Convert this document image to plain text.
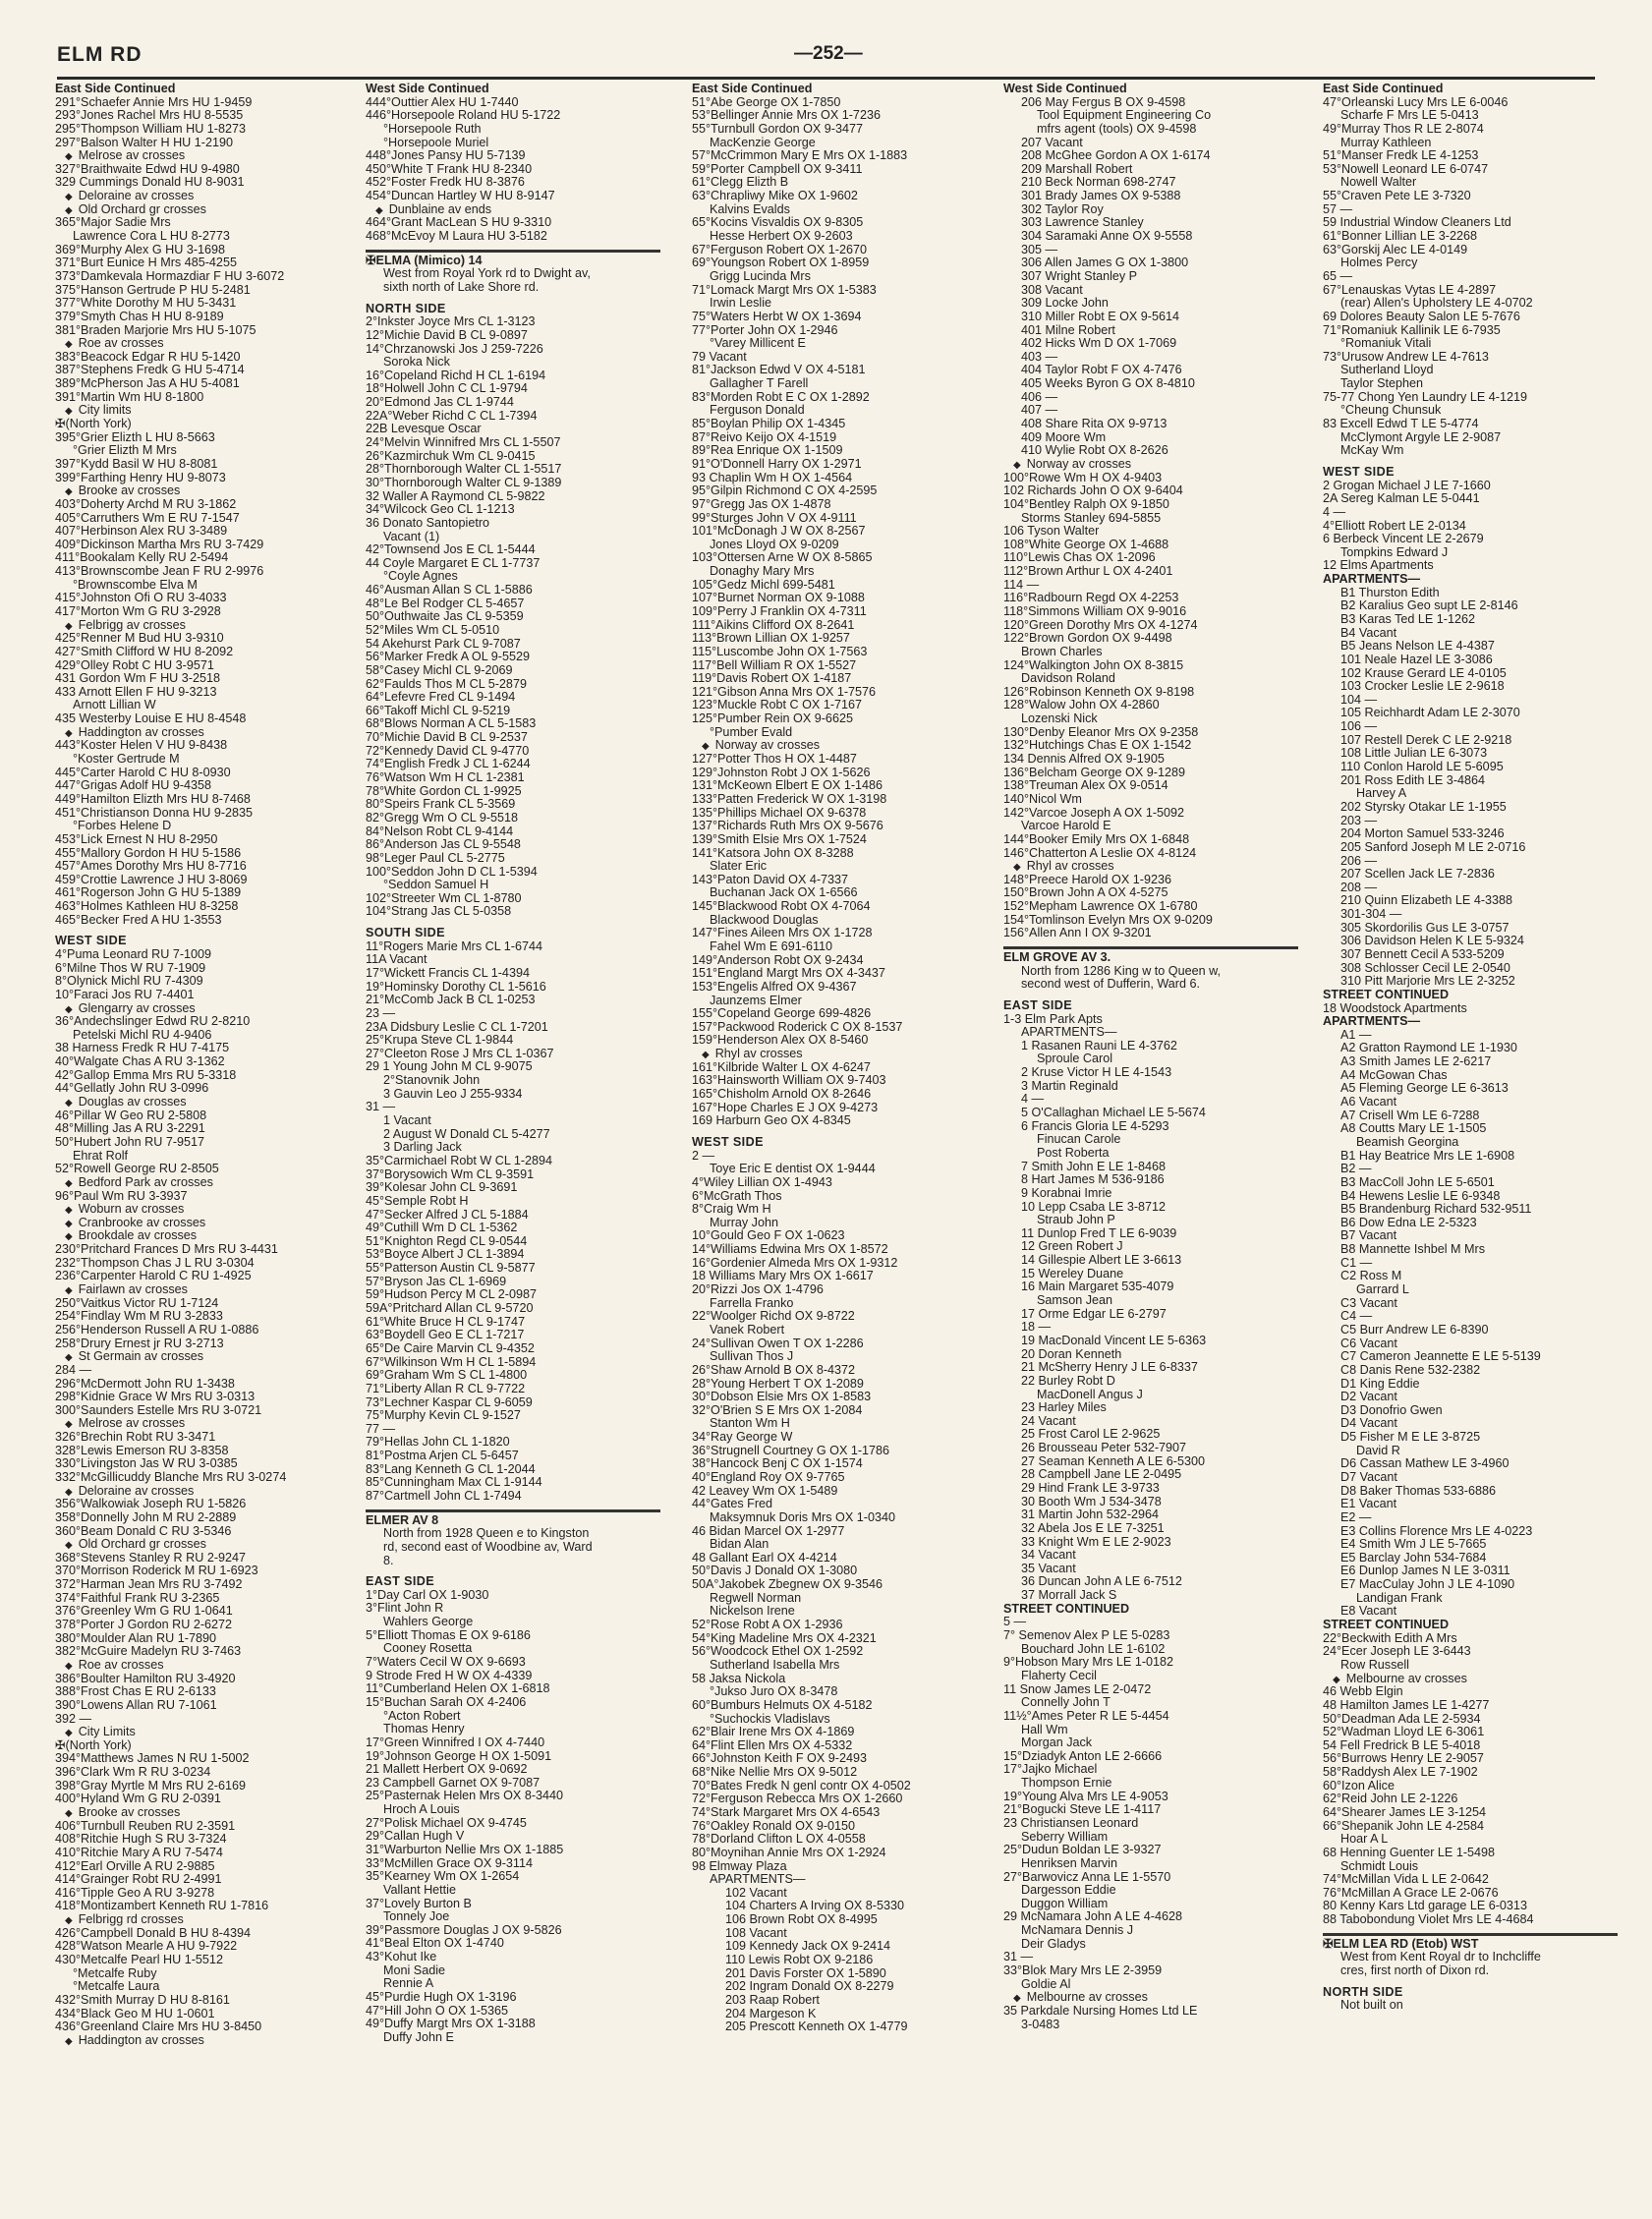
ELM RD	—252—
East Side Continued
291°Schaefer Annie Mrs HU 1-9459
293°Jones Rachel Mrs HU 8-5535
295°Thompson William HU 1-8273
297°Balson Walter H HU 1-2190
◆ Melrose av crosses
327°Braithwaite Edwd HU 9-4980
329 Cummings Donald HU 8-9031
◆ Deloraine av crosses
◆ Old Orchard gr crosses
365°Major Sadie Mrs
Lawrence Cora L HU 8-2773
369°Murphy Alex G HU 3-1698
371°Burt Eunice H Mrs 485-4255
373°Damkevala Hormazdiar F HU 3-6072
375°Hanson Gertrude P HU 5-2481
377°White Dorothy M HU 5-3431
379°Smyth Chas H HU 8-9189
381°Braden Marjorie Mrs HU 5-1075
◆ Roe av crosses
383°Beacock Edgar R HU 5-1420
387°Stephens Fredk G HU 5-4714
389°McPherson Jas A HU 5-4081
391°Martin Wm HU 8-1800
◆ City limits
✠(North York)
395°Grier Elizth L HU 8-5663
°Grier Elizth M Mrs
397°Kydd Basil W HU 8-8081
399°Farthing Henry HU 9-8073
◆ Brooke av crosses
403°Doherty Archd M RU 3-1862
405°Carruthers Wm E RU 7-1547
407°Herbinson Alex RU 3-3489
409°Dickinson Martha Mrs RU 3-7429
411°Bookalam Kelly RU 2-5494
413°Brownscombe Jean F RU 2-9976
°Brownscombe Elva M
415°Johnston Ofi O RU 3-4033
417°Morton Wm G RU 3-2928
◆ Felbrigg av crosses
425°Renner M Bud HU 3-9310
427°Smith Clifford W HU 8-2092
429°Olley Robt C HU 3-9571
431 Gordon Wm F HU 3-2518
433 Arnott Ellen F HU 9-3213
Arnott Lillian W
435 Westerby Louise E HU 8-4548
◆ Haddington av crosses
443°Koster Helen V HU 9-8438
°Koster Gertrude M
445°Carter Harold C HU 8-0930
447°Grigas Adolf HU 9-4358
449°Hamilton Elizth Mrs HU 8-7468
451°Christianson Donna HU 9-2835
°Forbes Helene D
453°Lick Ernest N HU 8-2950
455°Mallory Gordon H HU 5-1586
457°Ames Dorothy Mrs HU 8-7716
459°Crottie Lawrence J HU 3-8069
461°Rogerson John G HU 5-1389
463°Holmes Kathleen HU 8-3258
465°Becker Fred A HU 1-3553
WEST SIDE
4°Puma Leonard RU 7-1009
6°Milne Thos W RU 7-1909
8°Olynick Michl RU 7-4309
10°Faraci Jos RU 7-4401
◆ Glengarry av crosses
36°Andechslinger Edwd RU 2-8210
Petelski Michl RU 4-9406
38 Harness Fredk R HU 7-4175
40°Walgate Chas A RU 3-1362
42°Gallop Emma Mrs RU 5-3318
44°Gellatly John RU 3-0996
◆ Douglas av crosses
46°Pillar W Geo RU 2-5808
48°Milling Jas A RU 3-2291
50°Hubert John RU 7-9517
Ehrat Rolf
52°Rowell George RU 2-8505
◆ Bedford Park av crosses
96°Paul Wm RU 3-3937
◆ Woburn av crosses
◆ Cranbrooke av crosses
◆ Brookdale av crosses
230°Pritchard Frances D Mrs RU 3-4431
232°Thompson Chas J L RU 3-0304
236°Carpenter Harold C RU 1-4925
◆ Fairlawn av crosses
250°Vaitkus Victor RU 1-7124
254°Findlay Wm M RU 3-2833
256°Henderson Russell A RU 1-0886
258°Drury Ernest jr RU 3-2713
◆ St Germain av crosses
284 —
296°McDermott John RU 1-3438
298°Kidnie Grace W Mrs RU 3-0313
300°Saunders Estelle Mrs RU 3-0721
◆ Melrose av crosses
326°Brechin Robt RU 3-3471
328°Lewis Emerson RU 3-8358
330°Livingston Jas W RU 3-0385
332°McGillicuddy Blanche Mrs RU 3-0274
◆ Deloraine av crosses
356°Walkowiak Joseph RU 1-5826
358°Donnelly John M RU 2-2889
360°Beam Donald C RU 3-5346
◆ Old Orchard gr crosses
368°Stevens Stanley R RU 2-9247
370°Morrison Roderick M RU 1-6923
372°Harman Jean Mrs RU 3-7492
374°Faithful Frank RU 3-2365
376°Greenley Wm G RU 1-0641
378°Porter J Gordon RU 2-6272
380°Moulder Alan RU 1-7890
382°McGuire Madelyn RU 3-7463
◆ Roe av crosses
386°Boulter Hamilton RU 3-4920
388°Frost Chas E RU 2-6133
390°Lowens Allan RU 7-1061
392 —
◆ City Limits
✠(North York)
394°Matthews James N RU 1-5002
396°Clark Wm R RU 3-0234
398°Gray Myrtle M Mrs RU 2-6169
400°Hyland Wm G RU 2-0391
◆ Brooke av crosses
406°Turnbull Reuben RU 2-3591
408°Ritchie Hugh S RU 3-7324
410°Ritchie Mary A RU 7-5474
412°Earl Orville A RU 2-9885
414°Grainger Robt RU 2-4991
416°Tipple Geo A RU 3-9278
418°Montizambert Kenneth RU 1-7816
◆ Felbrigg rd crosses
426°Campbell Donald B HU 8-4394
428°Watson Mearle A HU 9-7922
430°Metcalfe Pearl HU 1-5512
°Metcalfe Ruby
°Metcalfe Laura
432°Smith Murray D HU 8-8161
434°Black Geo M HU 1-0601
436°Greenland Claire Mrs HU 3-8450
◆ Haddington av crosses
West Side Continued
444°Outtier Alex HU 1-7440
446°Horsepoole Roland HU 5-1722
°Horsepoole Ruth
°Horsepoole Muriel
448°Jones Pansy HU 5-7139
450°White T Frank HU 8-2340
452°Foster Fredk HU 8-3876
454°Duncan Hartley W HU 8-9147
◆ Dunblaine av ends
464°Grant MacLean S HU 9-3310
468°McEvoy M Laura HU 3-5182
✠ELMA (Mimico) 14
West from Royal York rd to Dwight av,
sixth north of Lake Shore rd.
NORTH SIDE
2°Inkster Joyce Mrs CL 1-3123
12°Michie David B CL 9-0897
14°Chrzanowski Jos J 259-7226
Soroka Nick
16°Copeland Richd H CL 1-6194
18°Holwell John C CL 1-9794
20°Edmond Jas CL 1-9744
22A°Weber Richd C CL 1-7394
22B Levesque Oscar
24°Melvin Winnifred Mrs CL 1-5507
26°Kazmirchuk Wm CL 9-0415
28°Thornborough Walter CL 1-5517
30°Thornborough Walter CL 9-1389
32 Waller A Raymond CL 5-9822
34°Wilcock Geo CL 1-1213
36 Donato Santopietro
Vacant (1)
42°Townsend Jos E CL 1-5444
44 Coyle Margaret E CL 1-7737
°Coyle Agnes
46°Ausman Allan S CL 1-5886
48°Le Bel Rodger CL 5-4657
50°Outhwaite Jas CL 9-5359
52°Miles Wm CL 5-0510
54 Akehurst Park CL 9-7087
56°Marker Fredk A OL 9-5529
58°Casey Michl CL 9-2069
62°Faulds Thos M CL 5-2879
64°Lefevre Fred CL 9-1494
66°Takoff Michl CL 9-5219
68°Blows Norman A CL 5-1583
70°Michie David B CL 9-2537
72°Kennedy David CL 9-4770
74°English Fredk J CL 1-6244
76°Watson Wm H CL 1-2381
78°White Gordon CL 1-9925
80°Speirs Frank CL 5-3569
82°Gregg Wm O CL 9-5518
84°Nelson Robt CL 9-4144
86°Anderson Jas CL 9-5548
98°Leger Paul CL 5-2775
100°Seddon John D CL 1-5394
°Seddon Samuel H
102°Streeter Wm CL 1-8780
104°Strang Jas CL 5-0358
SOUTH SIDE
11°Rogers Marie Mrs CL 1-6744
11A Vacant
17°Wickett Francis CL 1-4394
19°Hominsky Dorothy CL 1-5616
21°McComb Jack B CL 1-0253
23 —
23A Didsbury Leslie C CL 1-7201
25°Krupa Steve CL 1-9844
27°Cleeton Rose J Mrs CL 1-0367
29 1 Young John M CL 9-9075
2°Stanovnik John
3 Gauvin Leo J 255-9334
31 —
1 Vacant
2 August W Donald CL 5-4277
3 Darling Jack
35°Carmichael Robt W CL 1-2894
37°Borysowich Wm CL 9-3591
39°Kolesar John CL 9-3691
45°Semple Robt H
47°Secker Alfred J CL 5-1884
49°Cuthill Wm D CL 1-5362
51°Knighton Regd CL 9-0544
53°Boyce Albert J CL 1-3894
55°Patterson Austin CL 9-5877
57°Bryson Jas CL 1-6969
59°Hudson Percy M CL 2-0987
59A°Pritchard Allan CL 9-5720
61°White Bruce H CL 9-1747
63°Boydell Geo E CL 1-7217
65°De Caire Marvin CL 9-4352
67°Wilkinson Wm H CL 1-5894
69°Graham Wm S CL 1-4800
71°Liberty Allan R CL 9-7722
73°Lechner Kaspar CL 9-6059
75°Murphy Kevin CL 9-1527
77 —
79°Hellas John CL 1-1820
81°Postma Arjen CL 5-6457
83°Lang Kenneth G CL 1-2044
85°Cunningham Max CL 1-9144
87°Cartmell John CL 1-7494
ELMER AV 8
North from 1928 Queen e to Kingston
rd, second east of Woodbine av, Ward
8.
EAST SIDE
1°Day Carl OX 1-9030
3°Flint John R
Wahlers George
5°Elliott Thomas E OX 9-6186
Cooney Rosetta
7°Waters Cecil W OX 9-6693
9 Strode Fred H W OX 4-4339
11°Cumberland Helen OX 1-6818
15°Buchan Sarah OX 4-2406
°Acton Robert
Thomas Henry
17°Green Winnifred I OX 4-7440
19°Johnson George H OX 1-5091
21 Mallett Herbert OX 9-0692
23 Campbell Garnet OX 9-7087
25°Pasternak Helen Mrs OX 8-3440
Hroch A Louis
27°Polisk Michael OX 9-4745
29°Callan Hugh V
31°Warburton Nellie Mrs OX 1-1885
33°McMillen Grace OX 9-3114
35°Kearney Wm OX 1-2654
Vallant Hettie
37°Lovely Burton B
Tonnely Joe
39°Passmore Douglas J OX 9-5826
41°Beal Elton OX 1-4740
43°Kohut Ike
Moni Sadie
Rennie A
45°Purdie Hugh OX 1-3196
47°Hill John O OX 1-5365
49°Duffy Margt Mrs OX 1-3188
Duffy John E
East Side Continued
51°Abe George OX 1-7850
53°Bellinger Annie Mrs OX 1-7236
55°Turnbull Gordon OX 9-3477
MacKenzie George
57°McCrimmon Mary E Mrs OX 1-1883
59°Porter Campbell OX 9-3411
61°Clegg Elizth B
63°Chrapliwy Mike OX 1-9602
Kalvins Evalds
65°Kocins Visvaldis OX 9-8305
Hesse Herbert OX 9-2603
67°Ferguson Robert OX 1-2670
69°Youngson Robert OX 1-8959
Grigg Lucinda Mrs
71°Lomack Margt Mrs OX 1-5383
Irwin Leslie
75°Waters Herbt W OX 1-3694
77°Porter John OX 1-2946
°Varey Millicent E
79 Vacant
81°Jackson Edwd V OX 4-5181
Gallagher T Farell
83°Morden Robt E C OX 1-2892
Ferguson Donald
85°Boylan Philip OX 1-4345
87°Reivo Keijo OX 4-1519
89°Rea Enrique OX 1-1509
91°O'Donnell Harry OX 1-2971
93 Chaplin Wm H OX 1-4564
95°Gilpin Richmond C OX 4-2595
97°Gregg Jas OX 1-4878
99°Sturges John V OX 4-9111
101°McDonagh J W OX 8-2567
Jones Lloyd OX 9-0209
103°Ottersen Arne W OX 8-5865
Donaghy Mary Mrs
105°Gedz Michl 699-5481
107°Burnet Norman OX 9-1088
109°Perry J Franklin OX 4-7311
111°Aikins Clifford OX 8-2641
113°Brown Lillian OX 1-9257
115°Luscombe John OX 1-7563
117°Bell William R OX 1-5527
119°Davis Robert OX 1-4187
121°Gibson Anna Mrs OX 1-7576
123°Muckle Robt C OX 1-7167
125°Pumber Rein OX 9-6625
°Pumber Evald
◆ Norway av crosses
127°Potter Thos H OX 1-4487
129°Johnston Robt J OX 1-5626
131°McKeown Elbert E OX 1-1486
133°Patten Frederick W OX 1-3198
135°Phillips Michael OX 9-6378
137°Richards Ruth Mrs OX 9-5676
139°Smith Elsie Mrs OX 1-7524
141°Katsora John OX 8-3288
Slater Eric
143°Paton David OX 4-7337
Buchanan Jack OX 1-6566
145°Blackwood Robt OX 4-7064
Blackwood Douglas
147°Fines Aileen Mrs OX 1-1728
Fahel Wm E 691-6110
149°Anderson Robt OX 9-2434
151°England Margt Mrs OX 4-3437
153°Engelis Alfred OX 9-4367
Jaunzems Elmer
155°Copeland George 699-4826
157°Packwood Roderick C OX 8-1537
159°Henderson Alex OX 8-5460
◆ Rhyl av crosses
161°Kilbride Walter L OX 4-6247
163°Hainsworth William OX 9-7403
165°Chisholm Arnold OX 8-2646
167°Hope Charles E J OX 9-4273
169 Harburn Geo OX 4-8345
WEST SIDE
2 —
Toye Eric E dentist OX 1-9444
4°Wiley Lillian OX 1-4943
6°McGrath Thos
8°Craig Wm H
Murray John
10°Gould Geo F OX 1-0623
14°Williams Edwina Mrs OX 1-8572
16°Gordenier Almeda Mrs OX 1-9312
18 Williams Mary Mrs OX 1-6617
20°Rizzi Jos OX 1-4796
Farrella Franko
22°Woolger Richd OX 9-8722
Vanek Robert
24°Sullivan Owen T OX 1-2286
Sullivan Thos J
26°Shaw Arnold B OX 8-4372
28°Young Herbert T OX 1-2089
30°Dobson Elsie Mrs OX 1-8583
32°O'Brien S E Mrs OX 1-2084
Stanton Wm H
34°Ray George W
36°Strugnell Courtney G OX 1-1786
38°Hancock Benj C OX 1-1574
40°England Roy OX 9-7765
42 Leavey Wm OX 1-5489
44°Gates Fred
Maksymnuk Doris Mrs OX 1-0340
46 Bidan Marcel OX 1-2977
Bidan Alan
48 Gallant Earl OX 4-4214
50°Davis J Donald OX 1-3080
50A°Jakobek Zbegnew OX 9-3546
Regwell Norman
Nickelson Irene
52°Rose Robt A OX 1-2936
54°King Madeline Mrs OX 4-2321
56°Woodcock Ethel OX 1-2592
Sutherland Isabella Mrs
58 Jaksa Nickola
°Jukso Juro OX 8-3478
60°Bumburs Helmuts OX 4-5182
°Suchockis Vladislavs
62°Blair Irene Mrs OX 4-1869
64°Flint Ellen Mrs OX 4-5332
66°Johnston Keith F OX 9-2493
68°Nike Nellie Mrs OX 9-5012
70°Bates Fredk N genl contr OX 4-0502
72°Ferguson Rebecca Mrs OX 1-2660
74°Stark Margaret Mrs OX 4-6543
76°Oakley Ronald OX 9-0150
78°Dorland Clifton L OX 4-0558
80°Moynihan Annie Mrs OX 1-2924
98 Elmway Plaza
APARTMENTS—
102 Vacant
104 Charters A Irving OX 8-5330
106 Brown Robt OX 8-4995
108 Vacant
109 Kennedy Jack OX 9-2414
110 Lewis Robt OX 9-2186
201 Davis Forster OX 1-5890
202 Ingram Donald OX 8-2279
203 Raap Robert
204 Margeson K
205 Prescott Kenneth OX 1-4779
West Side Continued
206 May Fergus B OX 9-4598
Tool Equipment Engineering Co
mfrs agent (tools) OX 9-4598
207 Vacant
208 McGhee Gordon A OX 1-6174
209 Marshall Robert
210 Beck Norman 698-2747
301 Brady James OX 9-5388
302 Taylor Roy
303 Lawrence Stanley
304 Saramaki Anne OX 9-5558
305 —
306 Allen James G OX 1-3800
307 Wright Stanley P
308 Vacant
309 Locke John
310 Miller Robt E OX 9-5614
401 Milne Robert
402 Hicks Wm D OX 1-7069
403 —
404 Taylor Robt F OX 4-7476
405 Weeks Byron G OX 8-4810
406 —
407 —
408 Share Rita OX 9-9713
409 Moore Wm
410 Wylie Robt OX 8-2626
◆ Norway av crosses
100°Rowe Wm H OX 4-9403
102 Richards John O OX 9-6404
104°Bentley Ralph OX 9-1850
Storms Stanley 694-5855
106 Tyson Walter
108°White George OX 1-4688
110°Lewis Chas OX 1-2096
112°Brown Arthur L OX 4-2401
114 —
116°Radbourn Regd OX 4-2253
118°Simmons William OX 9-9016
120°Green Dorothy Mrs OX 4-1274
122°Brown Gordon OX 9-4498
Brown Charles
124°Walkington John OX 8-3815
Davidson Roland
126°Robinson Kenneth OX 9-8198
128°Walow John OX 4-2860
Lozenski Nick
130°Denby Eleanor Mrs OX 9-2358
132°Hutchings Chas E OX 1-1542
134 Dennis Alfred OX 9-1905
136°Belcham George OX 9-1289
138°Treuman Alex OX 9-0514
140°Nicol Wm
142°Varcoe Joseph A OX 1-5092
Varcoe Harold E
144°Booker Emily Mrs OX 1-6848
146°Chatterton A Leslie OX 4-8124
◆ Rhyl av crosses
148°Preece Harold OX 1-9236
150°Brown John A OX 4-5275
152°Mepham Lawrence OX 1-6780
154°Tomlinson Evelyn Mrs OX 9-0209
156°Allen Ann I OX 9-3201
ELM GROVE AV 3.
North from 1286 King w to Queen w,
second west of Dufferin, Ward 6.
EAST SIDE
1-3 Elm Park Apts
APARTMENTS—
1 Rasanen Rauni LE 4-3762
Sproule Carol
2 Kruse Victor H LE 4-1543
3 Martin Reginald
4 —
5 O'Callaghan Michael LE 5-5674
6 Francis Gloria LE 4-5293
Finucan Carole
Post Roberta
7 Smith John E LE 1-8468
8 Hart James M 536-9186
9 Korabnai Imrie
10 Lepp Csaba LE 3-8712
Straub John P
11 Dunlop Fred T LE 6-9039
12 Green Robert J
14 Gillespie Albert LE 3-6613
15 Wereley Duane
16 Main Margaret 535-4079
Samson Jean
17 Orme Edgar LE 6-2797
18 —
19 MacDonald Vincent LE 5-6363
20 Doran Kenneth
21 McSherry Henry J LE 6-8337
22 Burley Robt D
MacDonell Angus J
23 Harley Miles
24 Vacant
25 Frost Carol LE 2-9625
26 Brousseau Peter 532-7907
27 Seaman Kenneth A LE 6-5300
28 Campbell Jane LE 2-0495
29 Hind Frank LE 3-9733
30 Booth Wm J 534-3478
31 Martin John 532-2964
32 Abela Jos E LE 7-3251
33 Knight Wm E LE 2-9023
34 Vacant
35 Vacant
36 Duncan John A LE 6-7512
37 Morrall Jack S
STREET CONTINUED
5 —
7° Semenov Alex P LE 5-0283
Bouchard John LE 1-6102
9°Hobson Mary Mrs LE 1-0182
Flaherty Cecil
11 Snow James LE 2-0472
Connelly John T
11½°Ames Peter R LE 5-4454
Hall Wm
Morgan Jack
15°Dziadyk Anton LE 2-6666
17°Jajko Michael
Thompson Ernie
19°Young Alva Mrs LE 4-9053
21°Bogucki Steve LE 1-4117
23 Christiansen Leonard
Seberry William
25°Dudun Boldan LE 3-9327
Henriksen Marvin
27°Barwovicz Anna LE 1-5570
Dargesson Eddie
Duggon William
29 McNamara John A LE 4-4628
McNamara Dennis J
Deir Gladys
31 —
33°Blok Mary Mrs LE 2-3959
Goldie Al
◆ Melbourne av crosses
35 Parkdale Nursing Homes Ltd LE
3-0483
East Side Continued
47°Orleanski Lucy Mrs LE 6-0046
Scharfe F Mrs LE 5-0413
49°Murray Thos R LE 2-8074
Murray Kathleen
51°Manser Fredk LE 4-1253
53°Nowell Leonard LE 6-0747
Nowell Walter
55°Craven Pete LE 3-7320
57 —
59 Industrial Window Cleaners Ltd
61°Bonner Lillian LE 3-2268
63°Gorskij Alec LE 4-0149
Holmes Percy
65 —
67°Lenauskas Vytas LE 4-2897
(rear) Allen's Upholstery LE 4-0702
69 Dolores Beauty Salon LE 5-7676
71°Romaniuk Kallinik LE 6-7935
°Romaniuk Vitali
73°Urusow Andrew LE 4-7613
Sutherland Lloyd
Taylor Stephen
75-77 Chong Yen Laundry LE 4-1219
°Cheung Chunsuk
83 Excell Edwd T LE 5-4774
McClymont Argyle LE 2-9087
McKay Wm
WEST SIDE
2 Grogan Michael J LE 7-1660
2A Sereg Kalman LE 5-0441
4 —
4°Elliott Robert LE 2-0134
6 Berbeck Vincent LE 2-2679
Tompkins Edward J
12 Elms Apartments
APARTMENTS—
B1 Thurston Edith
B2 Karalius Geo supt LE 2-8146
B3 Karas Ted LE 1-1262
B4 Vacant
B5 Jeans Nelson LE 4-4387
101 Neale Hazel LE 3-3086
102 Krause Gerard LE 4-0105
103 Crocker Leslie LE 2-9618
104 —
105 Reichhardt Adam LE 2-3070
106 —
107 Restell Derek C LE 2-9218
108 Little Julian LE 6-3073
110 Conlon Harold LE 5-6095
201 Ross Edith LE 3-4864
Harvey A
202 Styrsky Otakar LE 1-1955
203 —
204 Morton Samuel 533-3246
205 Sanford Joseph M LE 2-0716
206 —
207 Scellen Jack LE 7-2836
208 —
210 Quinn Elizabeth LE 4-3388
301-304 —
305 Skordorilis Gus LE 3-0757
306 Davidson Helen K LE 5-9324
307 Bennett Cecil A 533-5209
308 Schlosser Cecil LE 2-0540
310 Pitt Marjorie Mrs LE 2-3252
STREET CONTINUED
18 Woodstock Apartments
APARTMENTS—
A1 —
A2 Gratton Raymond LE 1-1930
A3 Smith James LE 2-6217
A4 McGowan Chas
A5 Fleming George LE 6-3613
A6 Vacant
A7 Crisell Wm LE 6-7288
A8 Coutts Mary LE 1-1505
Beamish Georgina
B1 Hay Beatrice Mrs LE 1-6908
B2 —
B3 MacColl John LE 5-6501
B4 Hewens Leslie LE 6-9348
B5 Brandenburg Richard 532-9511
B6 Dow Edna LE 2-5323
B7 Vacant
B8 Mannette Ishbel M Mrs
C1 —
C2 Ross M
Garrard L
C3 Vacant
C4 —
C5 Burr Andrew LE 6-8390
C6 Vacant
C7 Cameron Jeannette E LE 5-5139
C8 Danis Rene 532-2382
D1 King Eddie
D2 Vacant
D3 Donofrio Gwen
D4 Vacant
D5 Fisher M E LE 3-8725
David R
D6 Cassan Mathew LE 3-4960
D7 Vacant
D8 Baker Thomas 533-6886
E1 Vacant
E2 —
E3 Collins Florence Mrs LE 4-0223
E4 Smith Wm J LE 5-7665
E5 Barclay John 534-7684
E6 Dunlop James N LE 3-0311
E7 MacCulay John J LE 4-1090
Landigan Frank
E8 Vacant
STREET CONTINUED
22°Beckwith Edith A Mrs
24°Ecer Joseph LE 3-6443
Row Russell
◆ Melbourne av crosses
46 Webb Elgin
48 Hamilton James LE 1-4277
50°Deadman Ada LE 2-5934
52°Wadman Lloyd LE 6-3061
54 Fell Fredrick B LE 5-4018
56°Burrows Henry LE 2-9057
58°Raddysh Alex LE 7-1902
60°Izon Alice
62°Reid John LE 2-1226
64°Shearer James LE 3-1254
66°Shepanik John LE 4-2584
Hoar A L
68 Henning Guenter LE 1-5498
Schmidt Louis
74°McMillan Vida L LE 2-0642
76°McMillan A Grace LE 2-0676
80 Kenny Kars Ltd garage LE 6-0313
88 Tabobondung Violet Mrs LE 4-4684
✠ELM LEA RD (Etob) WST
West from Kent Royal dr to Inchcliffe
cres, first north of Dixon rd.
NORTH SIDE
Not built on
